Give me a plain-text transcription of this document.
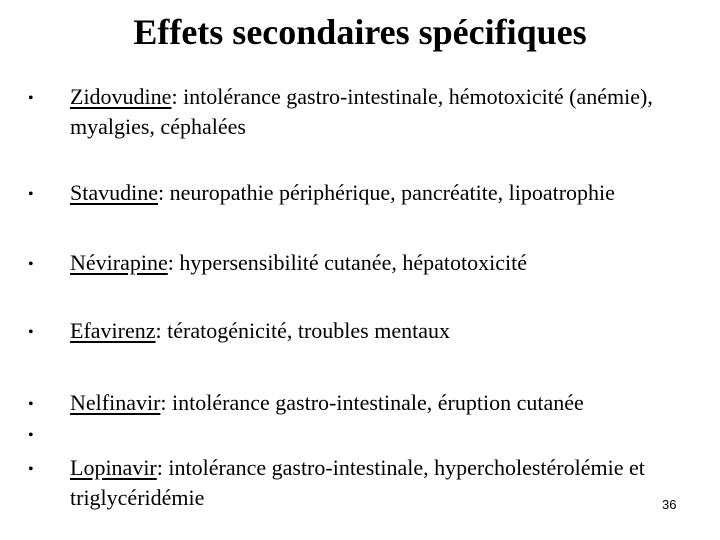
Effets secondaires spécifiques
• Zidovudine: intolérance gastro-intestinale, hémotoxicité (anémie), myalgies, céphalées
• Stavudine: neuropathie périphérique, pancréatite, lipoatrophie
• Névirapine: hypersensibilité cutanée, hépatotoxicité
• Efavirenz: tératogénicité, troubles mentaux
• Nelfinavir: intolérance gastro-intestinale, éruption cutanée
•
• Lopinavir: intolérance gastro-intestinale, hypercholestérolémie et triglycéridémie	36
